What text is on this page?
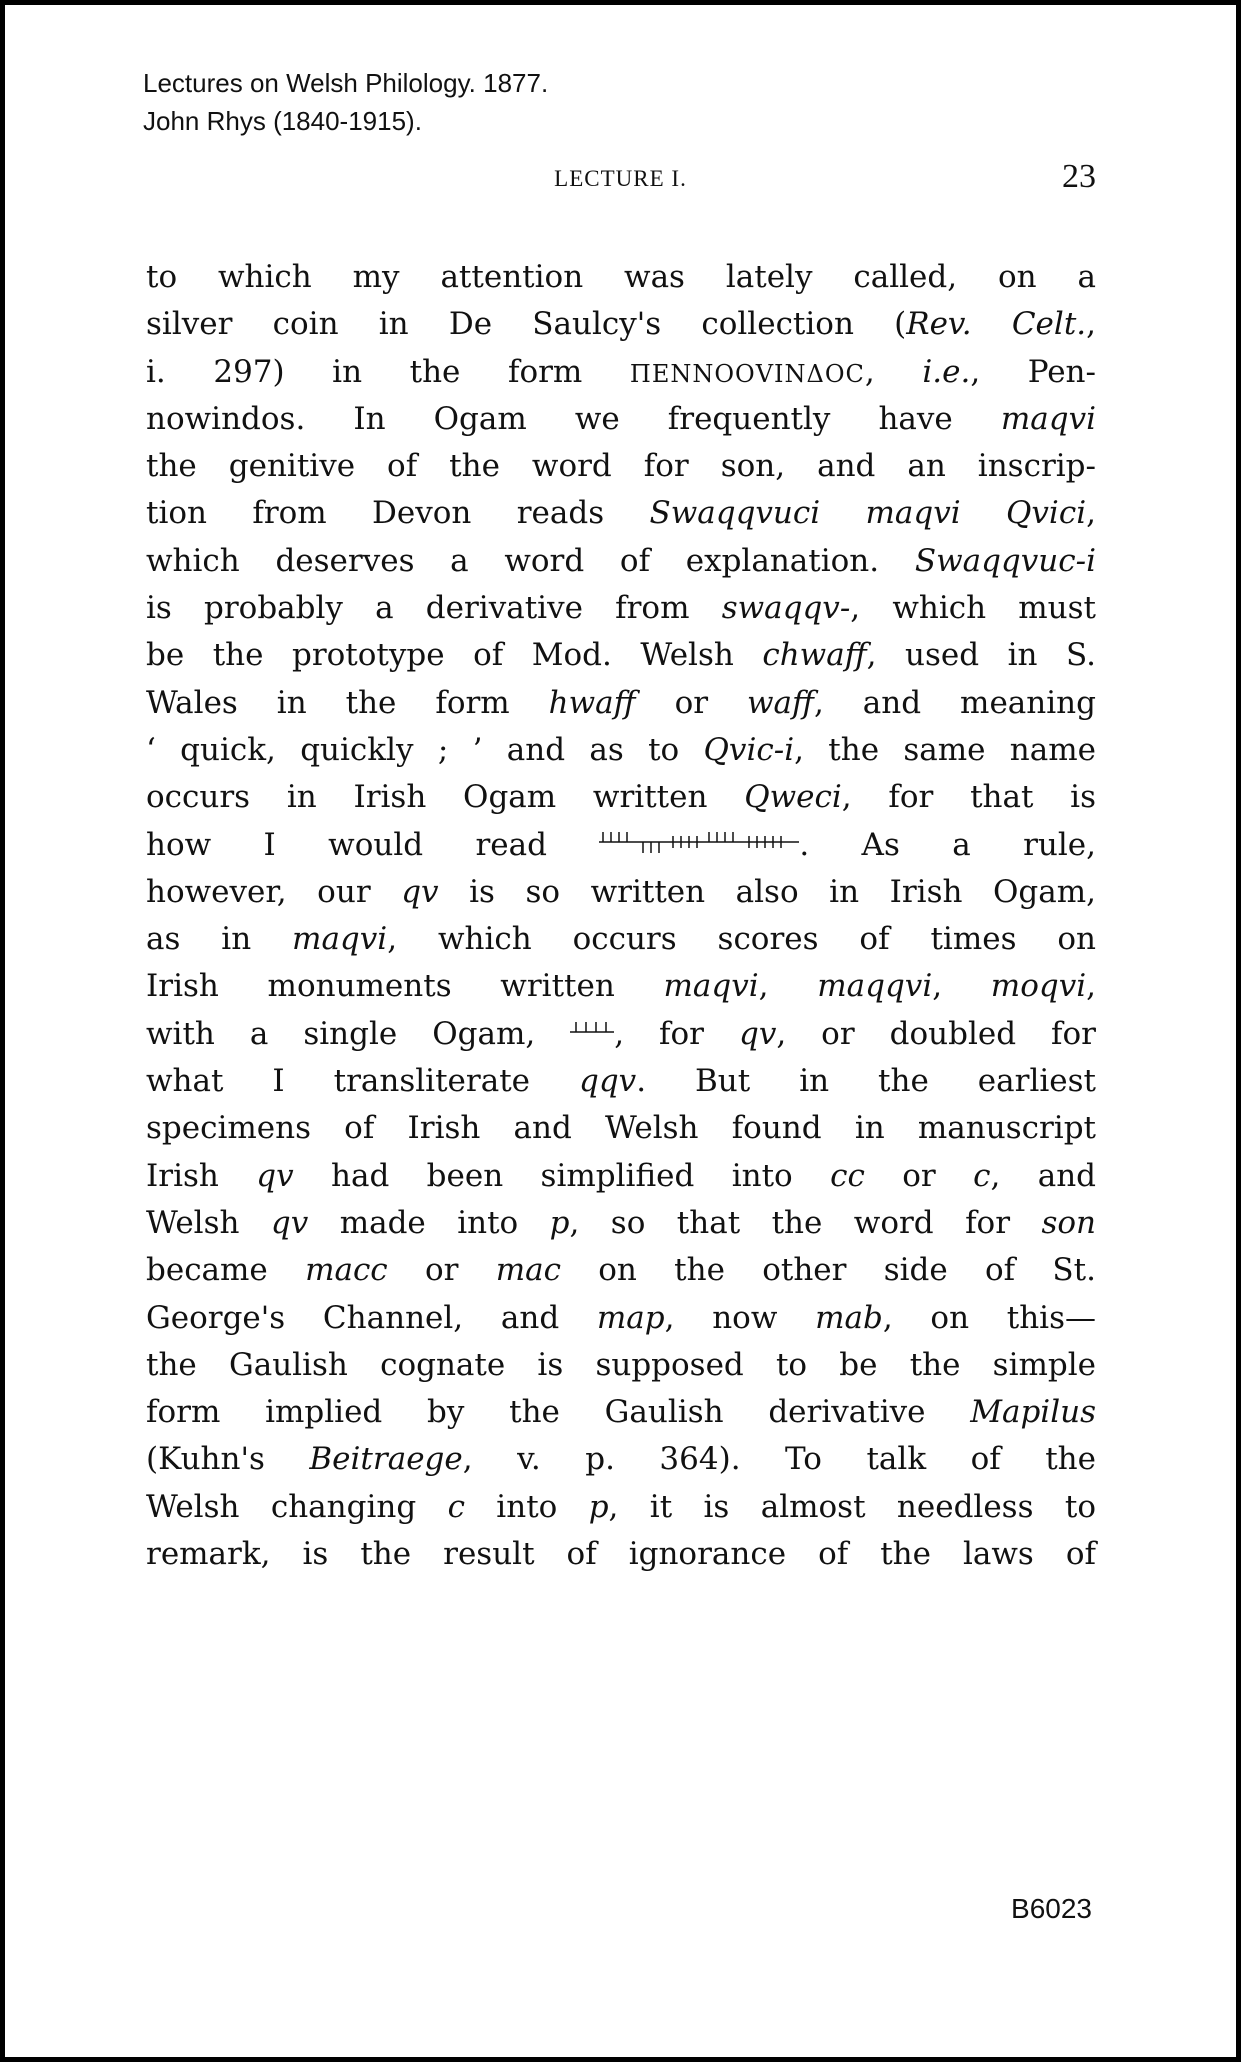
Lectures on Welsh Philology. 1877.
John Rhys (1840-1915).
LECTURE I.	23
to which my attention was lately called, on a
silver coin in De Saulcy's collection (Rev. Celt.,
i. 297) in the form ΠΕΝΝΟΟVΙΝΔΟC, i.e., Pen-
nowindos. In Ogam we frequently have maqvi
the genitive of the word for son, and an inscrip-
tion from Devon reads Swaqqvuci maqvi Qvici,
which deserves a word of explanation. Swaqqvuc-i
is probably a derivative from swaqqv-, which must
be the prototype of Mod. Welsh chwaff, used in S.
Wales in the form hwaff or waff, and meaning
‘ quick, quickly ; ’ and as to Qvic-i, the same name
occurs in Irish Ogam written Qweci, for that is
how I would read	. As a rule,
however, our qv is so written also in Irish Ogam,
as in maqvi, which occurs scores of times on
Irish monuments written maqvi, maqqvi, moqvi,
with a single Ogam, , for qv, or doubled for
what I transliterate qqv. But in the earliest
specimens of Irish and Welsh found in manuscript
Irish qv had been simplified into cc or c, and
Welsh qv made into p, so that the word for son
became macc or mac on the other side of St.
George's Channel, and map, now mab, on this—
the Gaulish cognate is supposed to be the simple
form implied by the Gaulish derivative Mapilus
(Kuhn's Beitraege, v. p. 364). To talk of the
Welsh changing c into p, it is almost needless to
remark, is the result of ignorance of the laws of
B6023
